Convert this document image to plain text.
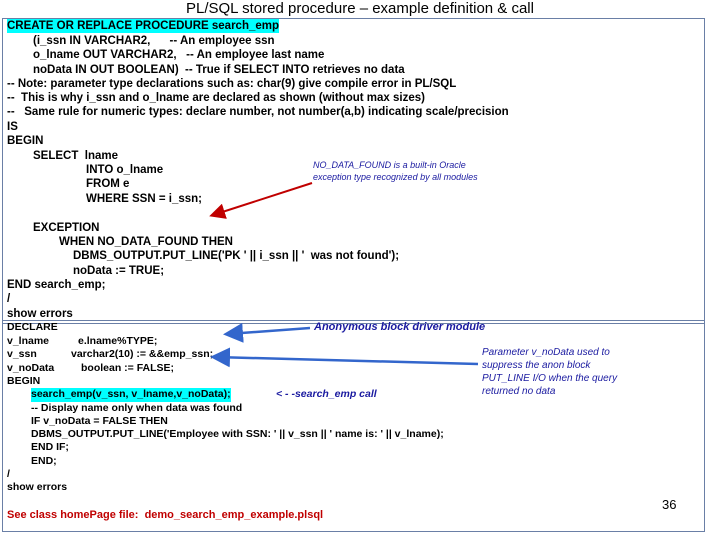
PL/SQL stored procedure – example definition & call
CREATE OR REPLACE PROCEDURE search_emp
(i_ssn IN VARCHAR2,      -- An employee ssn
o_lname OUT VARCHAR2,   -- An employee last name
noData IN OUT BOOLEAN)  -- True if SELECT INTO retrieves no data
-- Note: parameter type declarations such as: char(9) give compile error in PL/SQL
--  This is why i_ssn and o_lname are declared as shown (without max sizes)
--   Same rule for numeric types: declare number, not number(a,b) indicating scale/precision
IS
BEGIN
SELECT  lname
INTO o_lname
FROM e
WHERE SSN = i_ssn;
EXCEPTION
WHEN NO_DATA_FOUND THEN
DBMS_OUTPUT.PUT_LINE('PK ' || i_ssn || '  was not found');
noData := TRUE;
END search_emp;
/
show errors
NO_DATA_FOUND is a built-in Oracle
exception type recognized by all modules
DECLARE
v_lname	e.lname%TYPE;
v_ssn	varchar2(10) := &&emp_ssn;
v_noData	boolean := FALSE;
BEGIN
search_emp(v_ssn, v_lname,v_noData);
-- Display name only when data was found
IF v_noData = FALSE THEN
DBMS_OUTPUT.PUT_LINE('Employee with SSN: ' || v_ssn || ' name is: ' || v_lname);
END IF;
END;
/
show errors
Anonymous block driver module
< - -search_emp call
Parameter v_noData used to
suppress the anon block
PUT_LINE I/O when the query
returned no data
See class homePage file:  demo_search_emp_example.plsql
36
